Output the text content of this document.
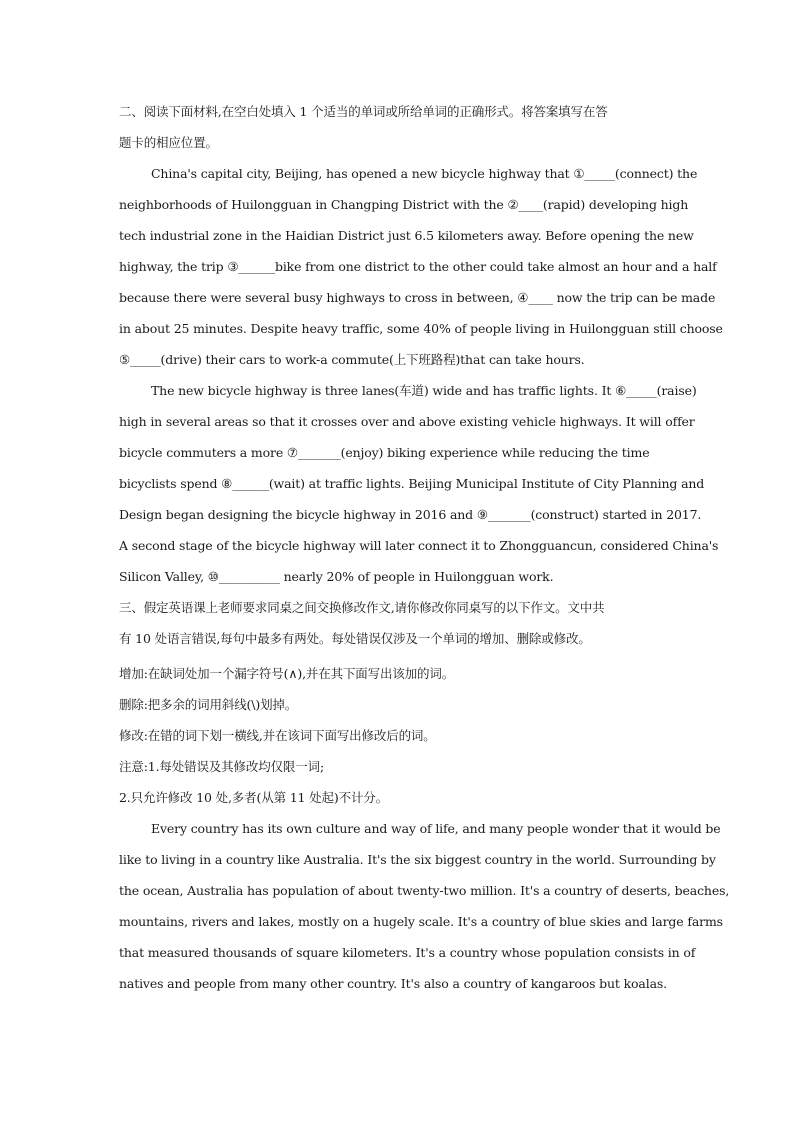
二、阅读下面材料,在空白处填入 1 个适当的单词或所给单词的正确形式。将答案填写在答

题卡的相应位置。

China's capital city, Beijing, has opened a new bicycle highway that ①_____(connect) the

neighborhoods of Huilongguan in Changping District with the ②____(rapid) developing high

tech industrial zone in the Haidian District just 6.5 kilometers away. Before opening the new

highway, the trip ③______bike from one district to the other could take almost an hour and a half

because there were several busy highways to cross in between, ④____ now the trip can be made

in about 25 minutes. Despite heavy traffic, some 40% of people living in Huilongguan still choose

⑤_____(drive) their cars to work-a commute(上下班路程)that can take hours.

The new bicycle highway is three lanes(车道) wide and has traffic lights. It ⑥_____(raise)

high in several areas so that it crosses over and above existing vehicle highways. It will offer

bicycle commuters a more ⑦_______(enjoy) biking experience while reducing the time

bicyclists spend ⑧______(wait) at traffic lights. Beijing Municipal Institute of City Planning and

Design began designing the bicycle highway in 2016 and ⑨_______(construct) started in 2017.

A second stage of the bicycle highway will later connect it to Zhongguancun, considered China's

Silicon Valley, ⑩__________ nearly 20% of people in Huilongguan work.

三、假定英语课上老师要求同桌之间交换修改作文,请你修改你同桌写的以下作文。文中共

有 10 处语言错误,每句中最多有两处。每处错误仅涉及一个单词的增加、删除或修改。

增加:在缺词处加一个漏字符号(∧),并在其下面写出该加的词。

删除:把多余的词用斜线(\)划掉。

修改:在错的词下划一横线,并在该词下面写出修改后的词。

注意:1.每处错误及其修改均仅限一词;

2.只允许修改 10 处,多者(从第 11 处起)不计分。

Every country has its own culture and way of life, and many people wonder that it would be

like to living in a country like Australia. It's the six biggest country in the world. Surrounding by

the ocean, Australia has population of about twenty-two million. It's a country of deserts, beaches,

mountains, rivers and lakes, mostly on a hugely scale. It's a country of blue skies and large farms

that measured thousands of square kilometers. It's a country whose population consists in of

natives and people from many other country. It's also a country of kangaroos but koalas.
